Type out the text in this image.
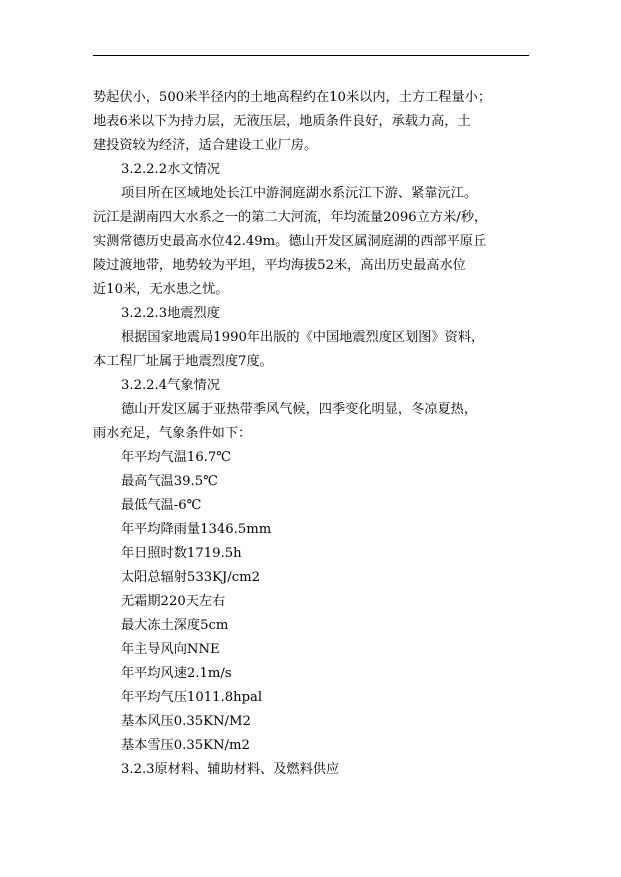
势起伏小，500米半径内的土地高程约在10米以内，土方工程量小；
地表6米以下为持力层，无液压层，地质条件良好，承载力高，土
建投资较为经济，适合建设工业厂房。
3.2.2.2水文情况
项目所在区域地处长江中游洞庭湖水系沅江下游、紧靠沅江。
沅江是湖南四大水系之一的第二大河流，年均流量2096立方米/秒，
实测常德历史最高水位42.49m。德山开发区属洞庭湖的西部平原丘
陵过渡地带，地势较为平坦，平均海拔52米，高出历史最高水位
近10米，无水患之忧。
3.2.2.3地震烈度
根据国家地震局1990年出版的《中国地震烈度区划图》资料，
本工程厂址属于地震烈度7度。
3.2.2.4气象情况
德山开发区属于亚热带季风气候，四季变化明显，冬凉夏热，
雨水充足，气象条件如下：
年平均气温16.7℃
最高气温39.5℃
最低气温-6℃
年平均降雨量1346.5mm
年日照时数1719.5h
太阳总辐射533KJ/cm2
无霜期220天左右
最大冻土深度5cm
年主导风向NNE
年平均风速2.1m/s
年平均气压1011.8hpal
基本风压0.35KN/M2
基本雪压0.35KN/m2
3.2.3原材料、辅助材料、及燃料供应
